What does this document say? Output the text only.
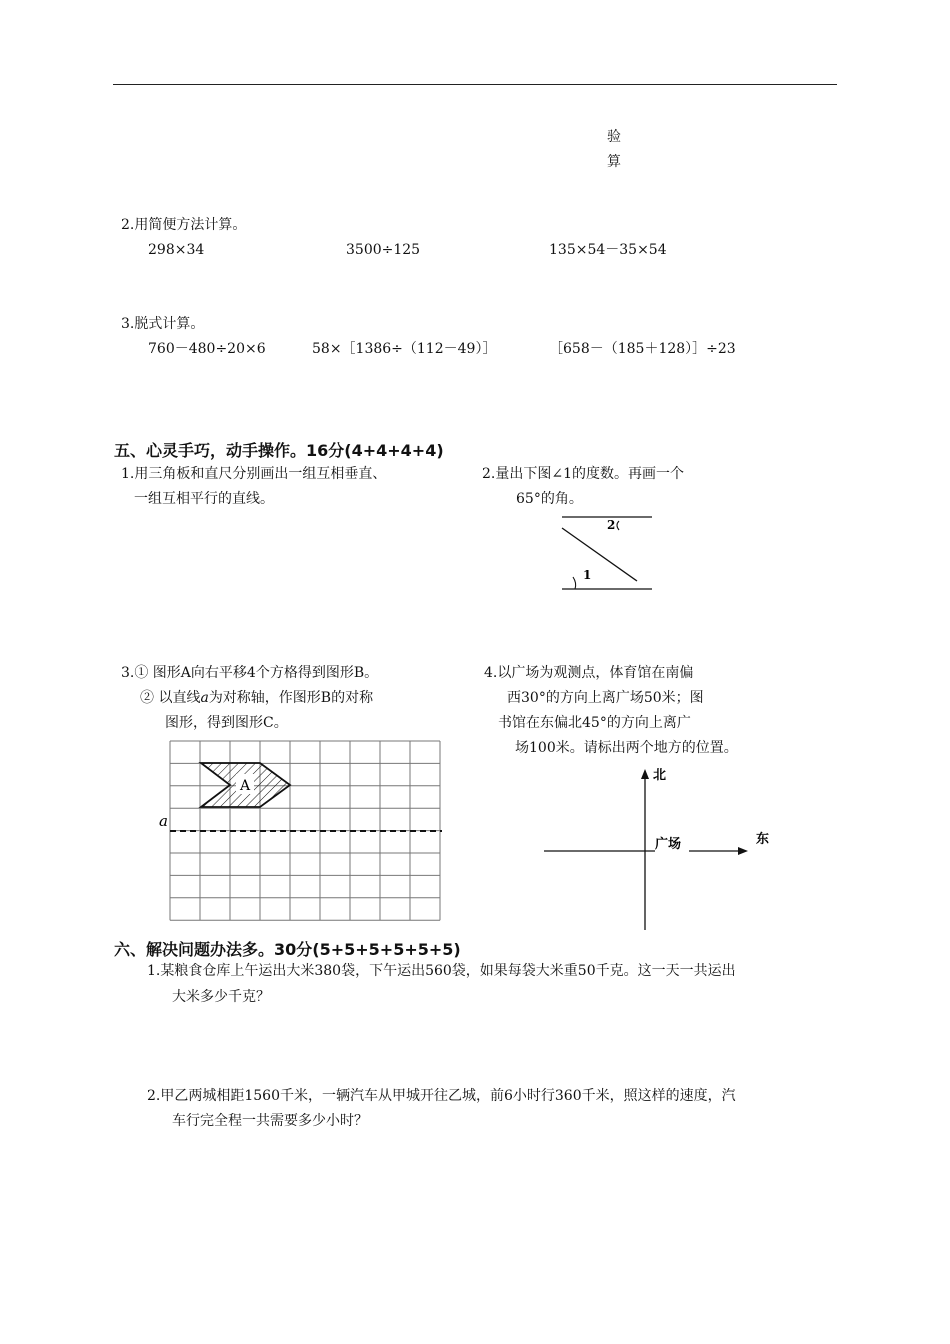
验
算
2.用简便方法计算。
298×34	3500÷125	135×54－35×54
3.脱式计算。
760－480÷20×6	58×［1386÷（112－49）］	［658－（185＋128）］÷23
五、心灵手巧，动手操作。16分(4+4+4+4)
1.用三角板和直尺分别画出一组互相垂直、
一组互相平行的直线。
2.量出下图∠1的度数。再画一个
65°的角。
2
1
3.① 图形A向右平移4个方格得到图形B。
② 以直线a为对称轴，作图形B的对称
图形，得到图形C。
A
a
4.以广场为观测点，体育馆在南偏
西30°的方向上离广场50米；图
书馆在东偏北45°的方向上离广
场100米。请标出两个地方的位置。
北
东
广场
六、解决问题办法多。30分(5+5+5+5+5+5)
1.某粮食仓库上午运出大米380袋，下午运出560袋，如果每袋大米重50千克。这一天一共运出
大米多少千克？
2.甲乙两城相距1560千米，一辆汽车从甲城开往乙城，前6小时行360千米，照这样的速度，汽
车行完全程一共需要多少小时？
